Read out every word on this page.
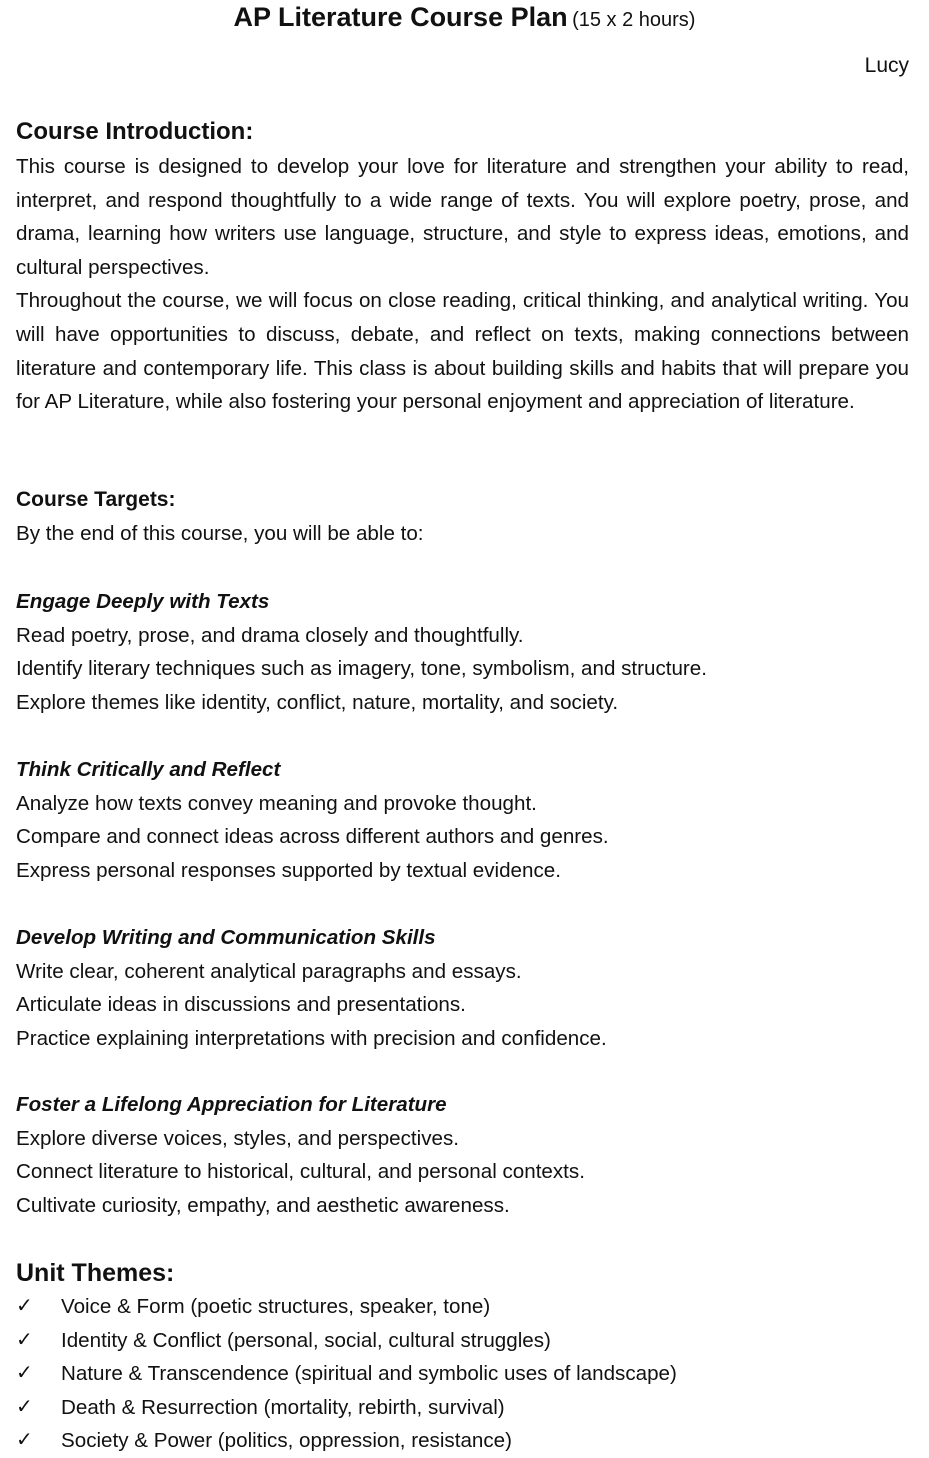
AP Literature Course Plan (15 x 2 hours)
Lucy
Course Introduction:

This course is designed to develop your love for literature and strengthen your ability to read, interpret, and respond thoughtfully to a wide range of texts. You will explore poetry, prose, and drama, learning how writers use language, structure, and style to express ideas, emotions, and cultural perspectives.

Throughout the course, we will focus on close reading, critical thinking, and analytical writing. You will have opportunities to discuss, debate, and reflect on texts, making connections between literature and contemporary life. This class is about building skills and habits that will prepare you for AP Literature, while also fostering your personal enjoyment and appreciation of literature.

Course Targets:

By the end of this course, you will be able to:

Engage Deeply with Texts

Read poetry, prose, and drama closely and thoughtfully.

Identify literary techniques such as imagery, tone, symbolism, and structure.

Explore themes like identity, conflict, nature, mortality, and society.

Think Critically and Reflect

Analyze how texts convey meaning and provoke thought.

Compare and connect ideas across different authors and genres.

Express personal responses supported by textual evidence.

Develop Writing and Communication Skills

Write clear, coherent analytical paragraphs and essays.

Articulate ideas in discussions and presentations.

Practice explaining interpretations with precision and confidence.

Foster a Lifelong Appreciation for Literature

Explore diverse voices, styles, and perspectives.

Connect literature to historical, cultural, and personal contexts.

Cultivate curiosity, empathy, and aesthetic awareness.

Unit Themes:
✓	Voice & Form (poetic structures, speaker, tone)
✓	Identity & Conflict (personal, social, cultural struggles)
✓	Nature & Transcendence (spiritual and symbolic uses of landscape)
✓	Death & Resurrection (mortality, rebirth, survival)
✓	Society & Power (politics, oppression, resistance)
